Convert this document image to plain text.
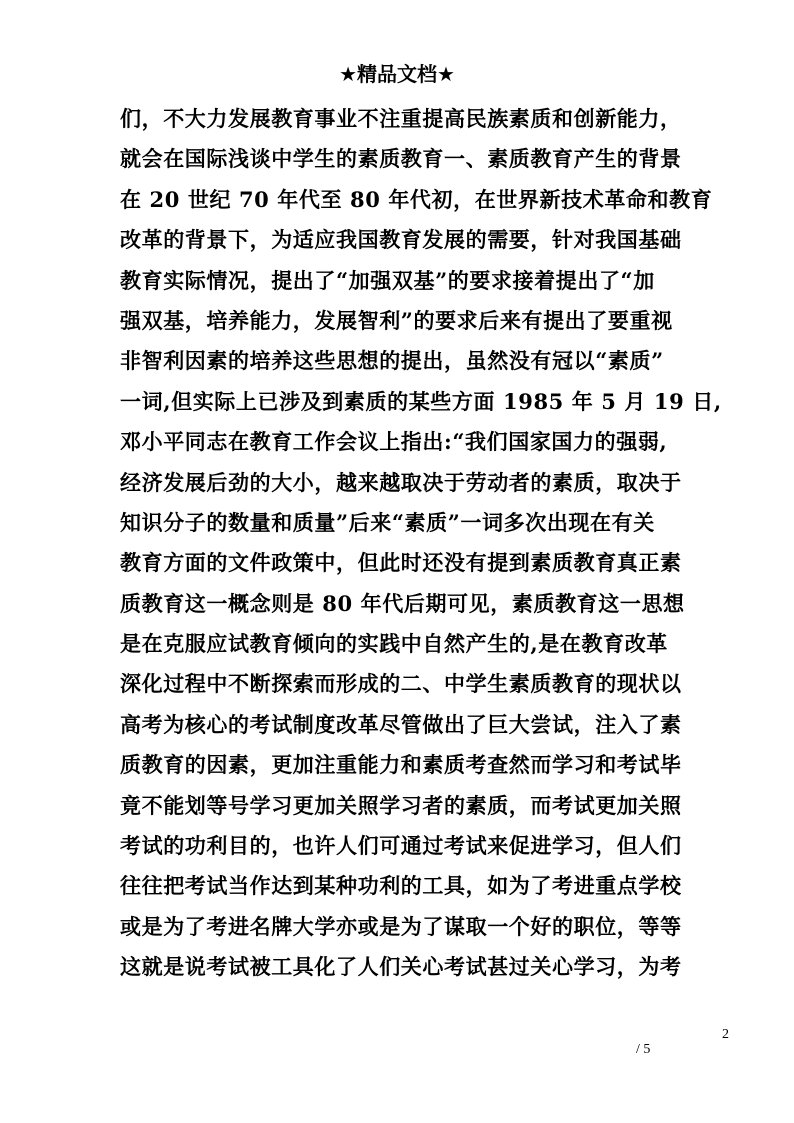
★精品文档★
们，不大力发展教育事业不注重提高民族素质和创新能力，
就会在国际浅谈中学生的素质教育一、素质教育产生的背景
在 20 世纪 70 年代至 80 年代初，在世界新技术革命和教育
改革的背景下，为适应我国教育发展的需要，针对我国基础
教育实际情况，提出了“加强双基”的要求接着提出了“加
强双基，培养能力，发展智利”的要求后来有提出了要重视
非智利因素的培养这些思想的提出，虽然没有冠以“素质”
一词,但实际上已涉及到素质的某些方面 1985 年 5 月 19 日,
邓小平同志在教育工作会议上指出:“我们国家国力的强弱,
经济发展后劲的大小，越来越取决于劳动者的素质，取决于
知识分子的数量和质量”后来“素质”一词多次出现在有关
教育方面的文件政策中，但此时还没有提到素质教育真正素
质教育这一概念则是 80 年代后期可见，素质教育这一思想
是在克服应试教育倾向的实践中自然产生的,是在教育改革
深化过程中不断探索而形成的二、中学生素质教育的现状以
高考为核心的考试制度改革尽管做出了巨大尝试，注入了素
质教育的因素，更加注重能力和素质考查然而学习和考试毕
竟不能划等号学习更加关照学习者的素质，而考试更加关照
考试的功利目的，也许人们可通过考试来促进学习，但人们
往往把考试当作达到某种功利的工具，如为了考进重点学校
或是为了考进名牌大学亦或是为了谋取一个好的职位，等等
这就是说考试被工具化了人们关心考试甚过关心学习，为考
2
/ 5
